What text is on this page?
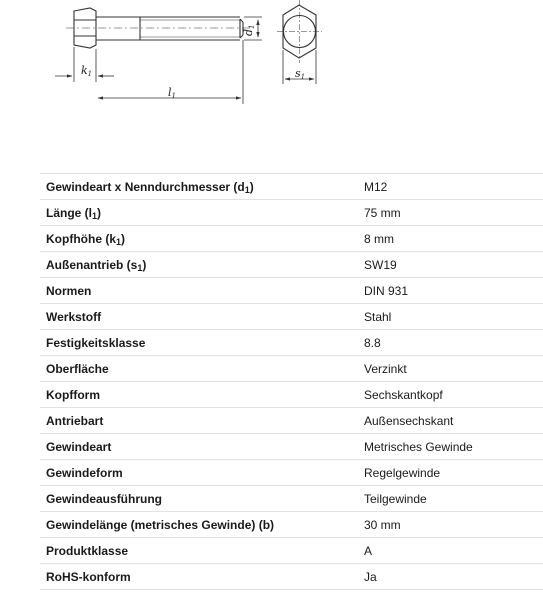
d1
k1
l1
s1
Gewindeart x Nenndurchmesser $(d_1)$	M12
Länge $(l_1)$	75 mm
Kopfhöhe $(k_1)$	8 mm
Außenantrieb $(s_1)$	SW19
Normen	DIN 931
Werkstoff	Stahl
Festigkeitsklasse	8.8
Oberfläche	Verzinkt
Kopfform	Sechskantkopf
Antriebart	Außensechskant
Gewindeart	Metrisches Gewinde
Gewindeform	Regelgewinde
Gewindeausführung	Teilgewinde
Gewindelänge (metrisches Gewinde) (b)	30 mm
Produktklasse	A
RoHS-konform	Ja
